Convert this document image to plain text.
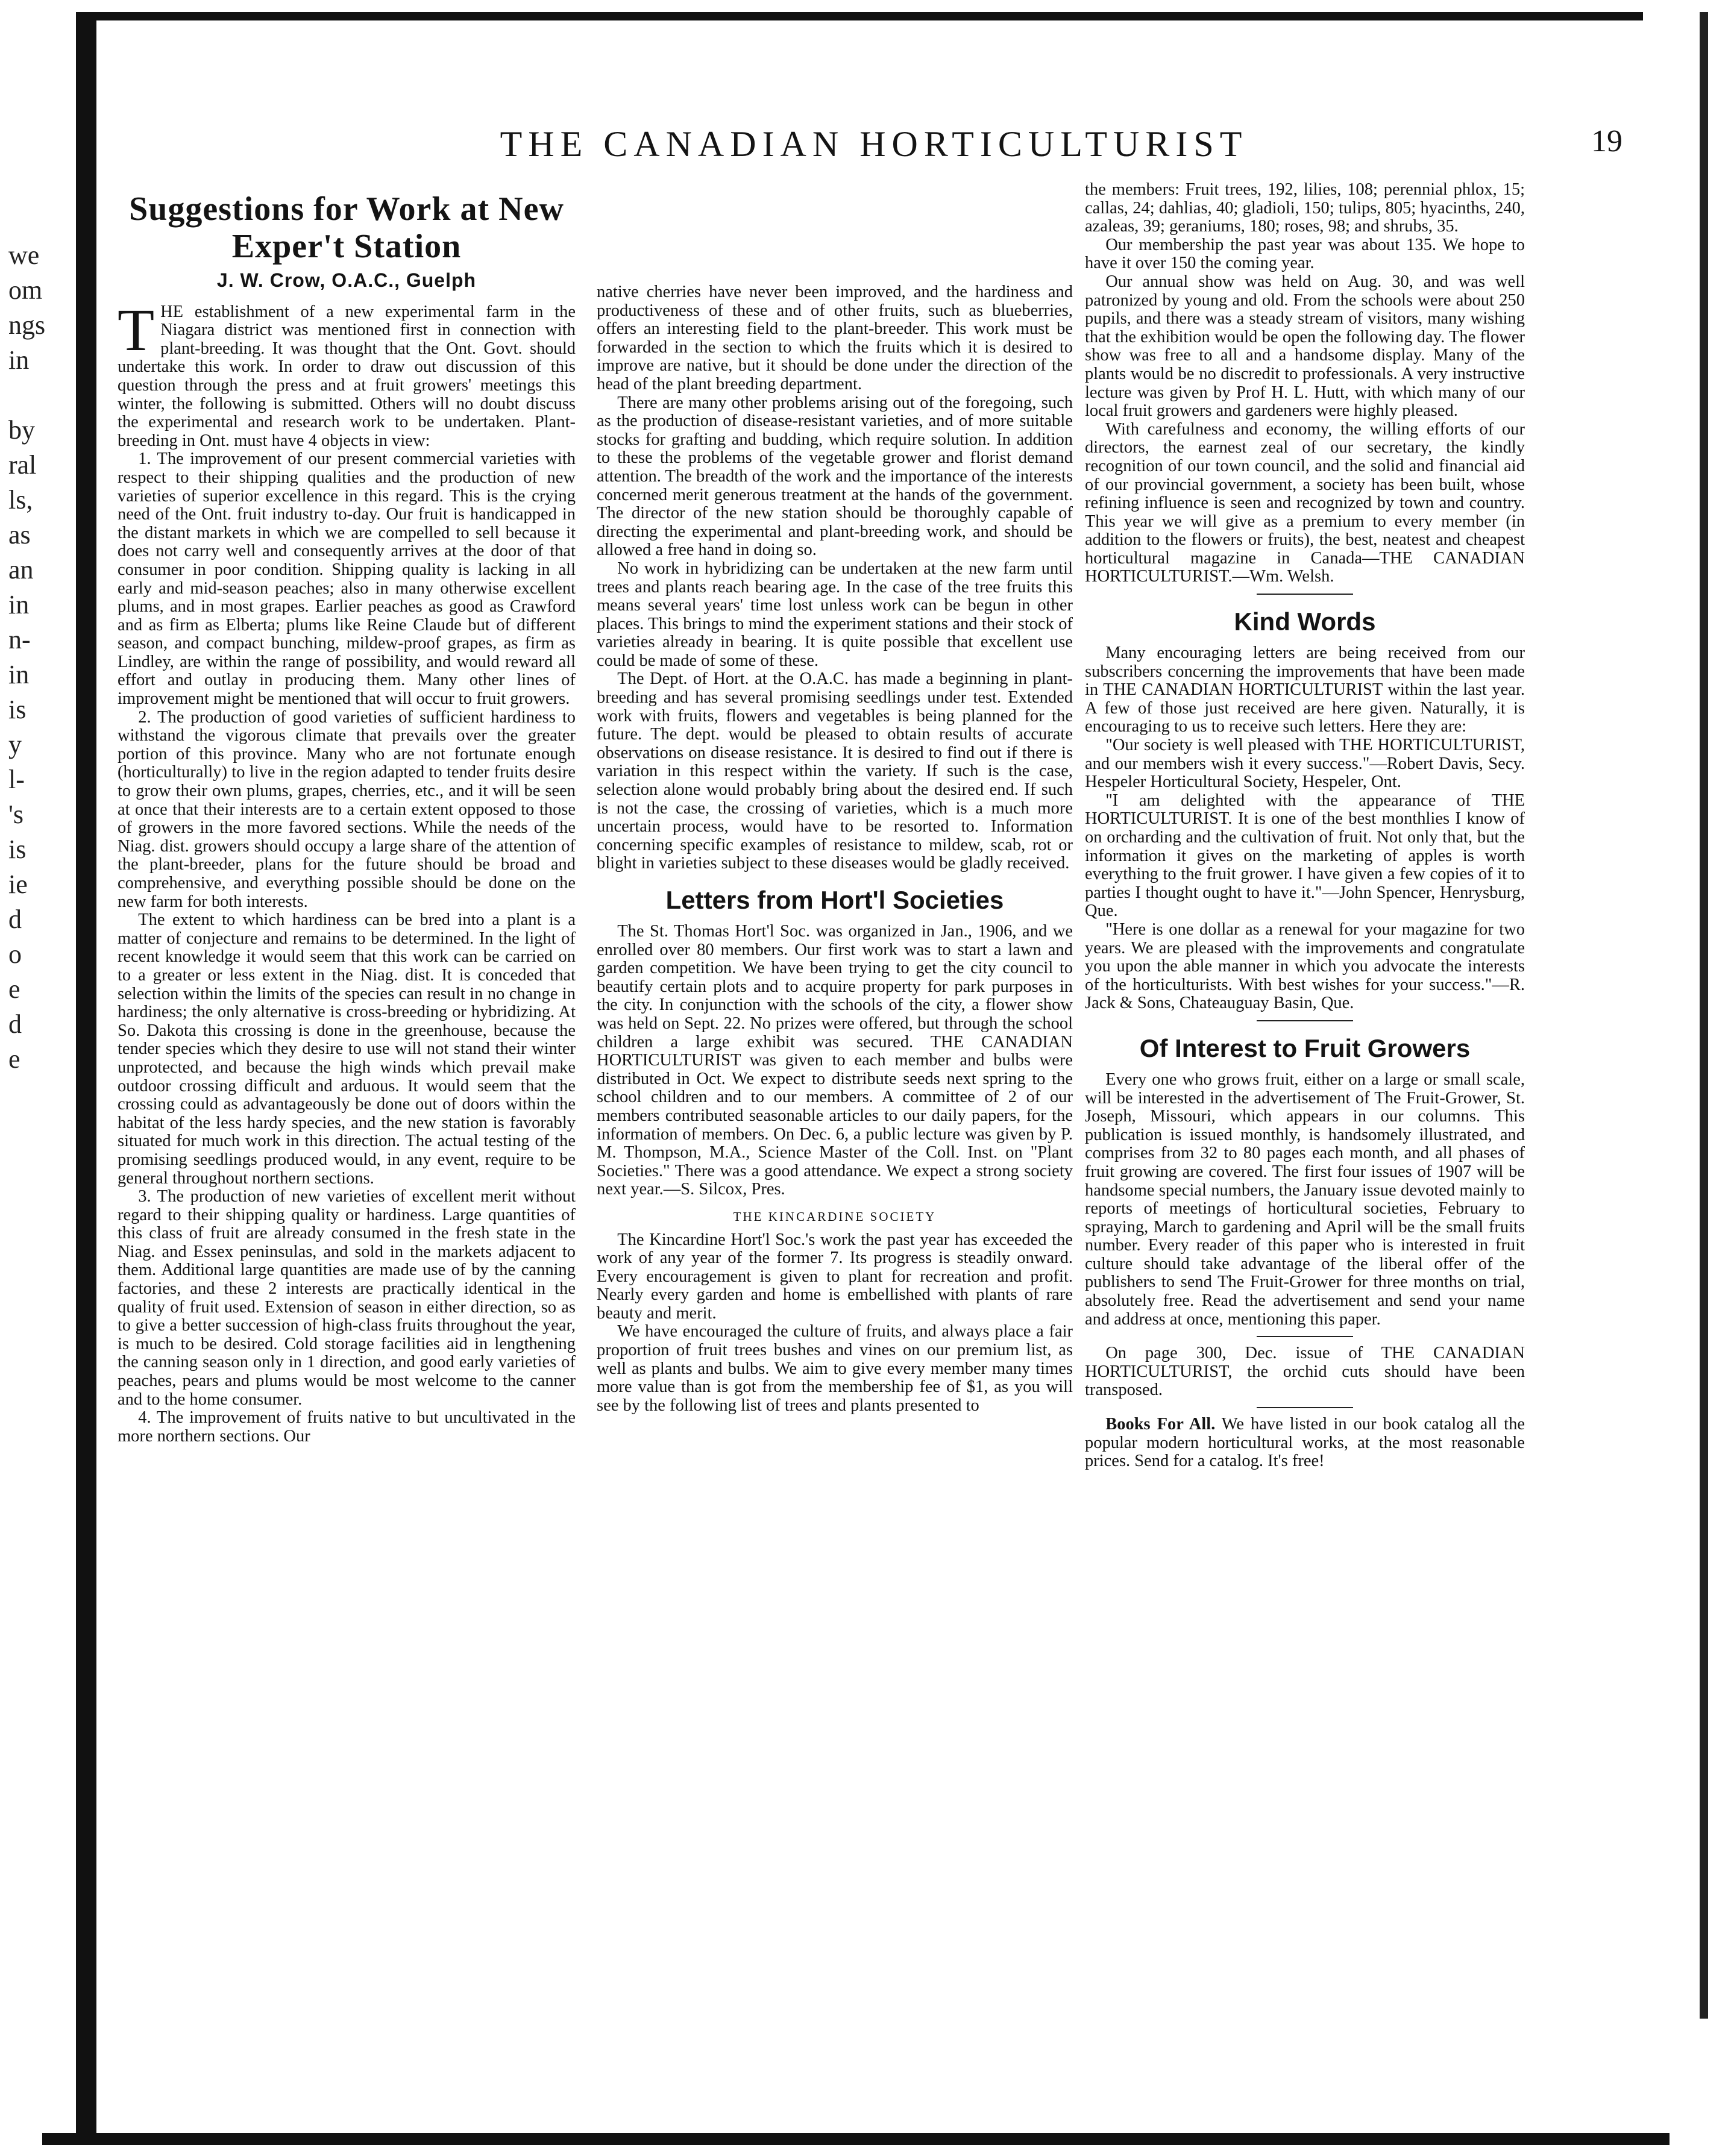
we
om
ngs
in

by
ral
ls,
as
an
in
n-
in
is
y
l-
's
is
ie
d
o
e
d
e
THE CANADIAN HORTICULTURIST	19
Suggestions for Work at New Exper't Station
J. W. Crow, O.A.C., Guelph

THE establishment of a new experimental farm in the Niagara district was mentioned first in connection with plant-breeding. It was thought that the Ont. Govt. should undertake this work. In order to draw out discussion of this question through the press and at fruit growers' meetings this winter, the following is submitted. Others will no doubt discuss the experimental and research work to be undertaken. Plant-breeding in Ont. must have 4 objects in view:

1. The improvement of our present commercial varieties with respect to their shipping qualities and the production of new varieties of superior excellence in this regard. This is the crying need of the Ont. fruit industry to-day. Our fruit is handicapped in the distant markets in which we are compelled to sell because it does not carry well and consequently arrives at the door of that consumer in poor condition. Shipping quality is lacking in all early and mid-season peaches; also in many otherwise excellent plums, and in most grapes. Earlier peaches as good as Crawford and as firm as Elberta; plums like Reine Claude but of different season, and compact bunching, mildew-proof grapes, as firm as Lindley, are within the range of possibility, and would reward all effort and outlay in producing them. Many other lines of improvement might be mentioned that will occur to fruit growers.

2. The production of good varieties of sufficient hardiness to withstand the vigorous climate that prevails over the greater portion of this province. Many who are not fortunate enough (horticulturally) to live in the region adapted to tender fruits desire to grow their own plums, grapes, cherries, etc., and it will be seen at once that their interests are to a certain extent opposed to those of growers in the more favored sections. While the needs of the Niag. dist. growers should occupy a large share of the attention of the plant-breeder, plans for the future should be broad and comprehensive, and everything possible should be done on the new farm for both interests.

The extent to which hardiness can be bred into a plant is a matter of conjecture and remains to be determined. In the light of recent knowledge it would seem that this work can be carried on to a greater or less extent in the Niag. dist. It is conceded that selection within the limits of the species can result in no change in hardiness; the only alternative is cross-breeding or hybridizing. At So. Dakota this crossing is done in the greenhouse, because the tender species which they desire to use will not stand their winter unprotected, and because the high winds which prevail make outdoor crossing difficult and arduous. It would seem that the crossing could as advantageously be done out of doors within the habitat of the less hardy species, and the new station is favorably situated for much work in this direction. The actual testing of the promising seedlings produced would, in any event, require to be general throughout northern sections.

3. The production of new varieties of excellent merit without regard to their shipping quality or hardiness. Large quantities of this class of fruit are already consumed in the fresh state in the Niag. and Essex peninsulas, and sold in the markets adjacent to them. Additional large quantities are made use of by the canning factories, and these 2 interests are practically identical in the quality of fruit used. Extension of season in either direction, so as to give a better succession of high-class fruits throughout the year, is much to be desired. Cold storage facilities aid in lengthening the canning season only in 1 direction, and good early varieties of peaches, pears and plums would be most welcome to the canner and to the home consumer.

4. The improvement of fruits native to but uncultivated in the more northern sections. Our

native cherries have never been improved, and the hardiness and productiveness of these and of other fruits, such as blueberries, offers an interesting field to the plant-breeder. This work must be forwarded in the section to which the fruits which it is desired to improve are native, but it should be done under the direction of the head of the plant breeding department.

There are many other problems arising out of the foregoing, such as the production of disease-resistant varieties, and of more suitable stocks for grafting and budding, which require solution. In addition to these the problems of the vegetable grower and florist demand attention. The breadth of the work and the importance of the interests concerned merit generous treatment at the hands of the government. The director of the new station should be thoroughly capable of directing the experimental and plant-breeding work, and should be allowed a free hand in doing so.

No work in hybridizing can be undertaken at the new farm until trees and plants reach bearing age. In the case of the tree fruits this means several years' time lost unless work can be begun in other places. This brings to mind the experiment stations and their stock of varieties already in bearing. It is quite possible that excellent use could be made of some of these.

The Dept. of Hort. at the O.A.C. has made a beginning in plant-breeding and has several promising seedlings under test. Extended work with fruits, flowers and vegetables is being planned for the future. The dept. would be pleased to obtain results of accurate observations on disease resistance. It is desired to find out if there is variation in this respect within the variety. If such is the case, selection alone would probably bring about the desired end. If such is not the case, the crossing of varieties, which is a much more uncertain process, would have to be resorted to. Information concerning specific examples of resistance to mildew, scab, rot or blight in varieties subject to these diseases would be gladly received.

Letters from Hort'l Societies

The St. Thomas Hort'l Soc. was organized in Jan., 1906, and we enrolled over 80 members. Our first work was to start a lawn and garden competition. We have been trying to get the city council to beautify certain plots and to acquire property for park purposes in the city. In conjunction with the schools of the city, a flower show was held on Sept. 22. No prizes were offered, but through the school children a large exhibit was secured. THE CANADIAN HORTICULTURIST was given to each member and bulbs were distributed in Oct. We expect to distribute seeds next spring to the school children and to our members. A committee of 2 of our members contributed seasonable articles to our daily papers, for the information of members. On Dec. 6, a public lecture was given by P. M. Thompson, M.A., Science Master of the Coll. Inst. on "Plant Societies." There was a good attendance. We expect a strong society next year.—S. Silcox, Pres.

THE KINCARDINE SOCIETY

The Kincardine Hort'l Soc.'s work the past year has exceeded the work of any year of the former 7. Its progress is steadily onward. Every encouragement is given to plant for recreation and profit. Nearly every garden and home is embellished with plants of rare beauty and merit.

We have encouraged the culture of fruits, and always place a fair proportion of fruit trees bushes and vines on our premium list, as well as plants and bulbs. We aim to give every member many times more value than is got from the membership fee of $1, as you will see by the following list of trees and plants presented to

the members: Fruit trees, 192, lilies, 108; perennial phlox, 15; callas, 24; dahlias, 40; gladioli, 150; tulips, 805; hyacinths, 240, azaleas, 39; geraniums, 180; roses, 98; and shrubs, 35.

Our membership the past year was about 135. We hope to have it over 150 the coming year.

Our annual show was held on Aug. 30, and was well patronized by young and old. From the schools were about 250 pupils, and there was a steady stream of visitors, many wishing that the exhibition would be open the following day. The flower show was free to all and a handsome display. Many of the plants would be no discredit to professionals. A very instructive lecture was given by Prof H. L. Hutt, with which many of our local fruit growers and gardeners were highly pleased.

With carefulness and economy, the willing efforts of our directors, the earnest zeal of our secretary, the kindly recognition of our town council, and the solid and financial aid of our provincial government, a society has been built, whose refining influence is seen and recognized by town and country. This year we will give as a premium to every member (in addition to the flowers or fruits), the best, neatest and cheapest horticultural magazine in Canada—THE CANADIAN HORTICULTURIST.—Wm. Welsh.

Kind Words

Many encouraging letters are being received from our subscribers concerning the improvements that have been made in THE CANADIAN HORTICULTURIST within the last year. A few of those just received are here given. Naturally, it is encouraging to us to receive such letters. Here they are:

"Our society is well pleased with THE HORTICULTURIST, and our members wish it every success."—Robert Davis, Secy. Hespeler Horticultural Society, Hespeler, Ont.

"I am delighted with the appearance of THE HORTICULTURIST. It is one of the best monthlies I know of on orcharding and the cultivation of fruit. Not only that, but the information it gives on the marketing of apples is worth everything to the fruit grower. I have given a few copies of it to parties I thought ought to have it."—John Spencer, Henrysburg, Que.

"Here is one dollar as a renewal for your magazine for two years. We are pleased with the improvements and congratulate you upon the able manner in which you advocate the interests of the horticulturists. With best wishes for your success."—R. Jack & Sons, Chateauguay Basin, Que.

Of Interest to Fruit Growers

Every one who grows fruit, either on a large or small scale, will be interested in the advertisement of The Fruit-Grower, St. Joseph, Missouri, which appears in our columns. This publication is issued monthly, is handsomely illustrated, and comprises from 32 to 80 pages each month, and all phases of fruit growing are covered. The first four issues of 1907 will be handsome special numbers, the January issue devoted mainly to reports of meetings of horticultural societies, February to spraying, March to gardening and April will be the small fruits number. Every reader of this paper who is interested in fruit culture should take advantage of the liberal offer of the publishers to send The Fruit-Grower for three months on trial, absolutely free. Read the advertisement and send your name and address at once, mentioning this paper.

On page 300, Dec. issue of THE CANADIAN HORTICULTURIST, the orchid cuts should have been transposed.

Books For All. We have listed in our book catalog all the popular modern horticultural works, at the most reasonable prices. Send for a catalog. It's free!
